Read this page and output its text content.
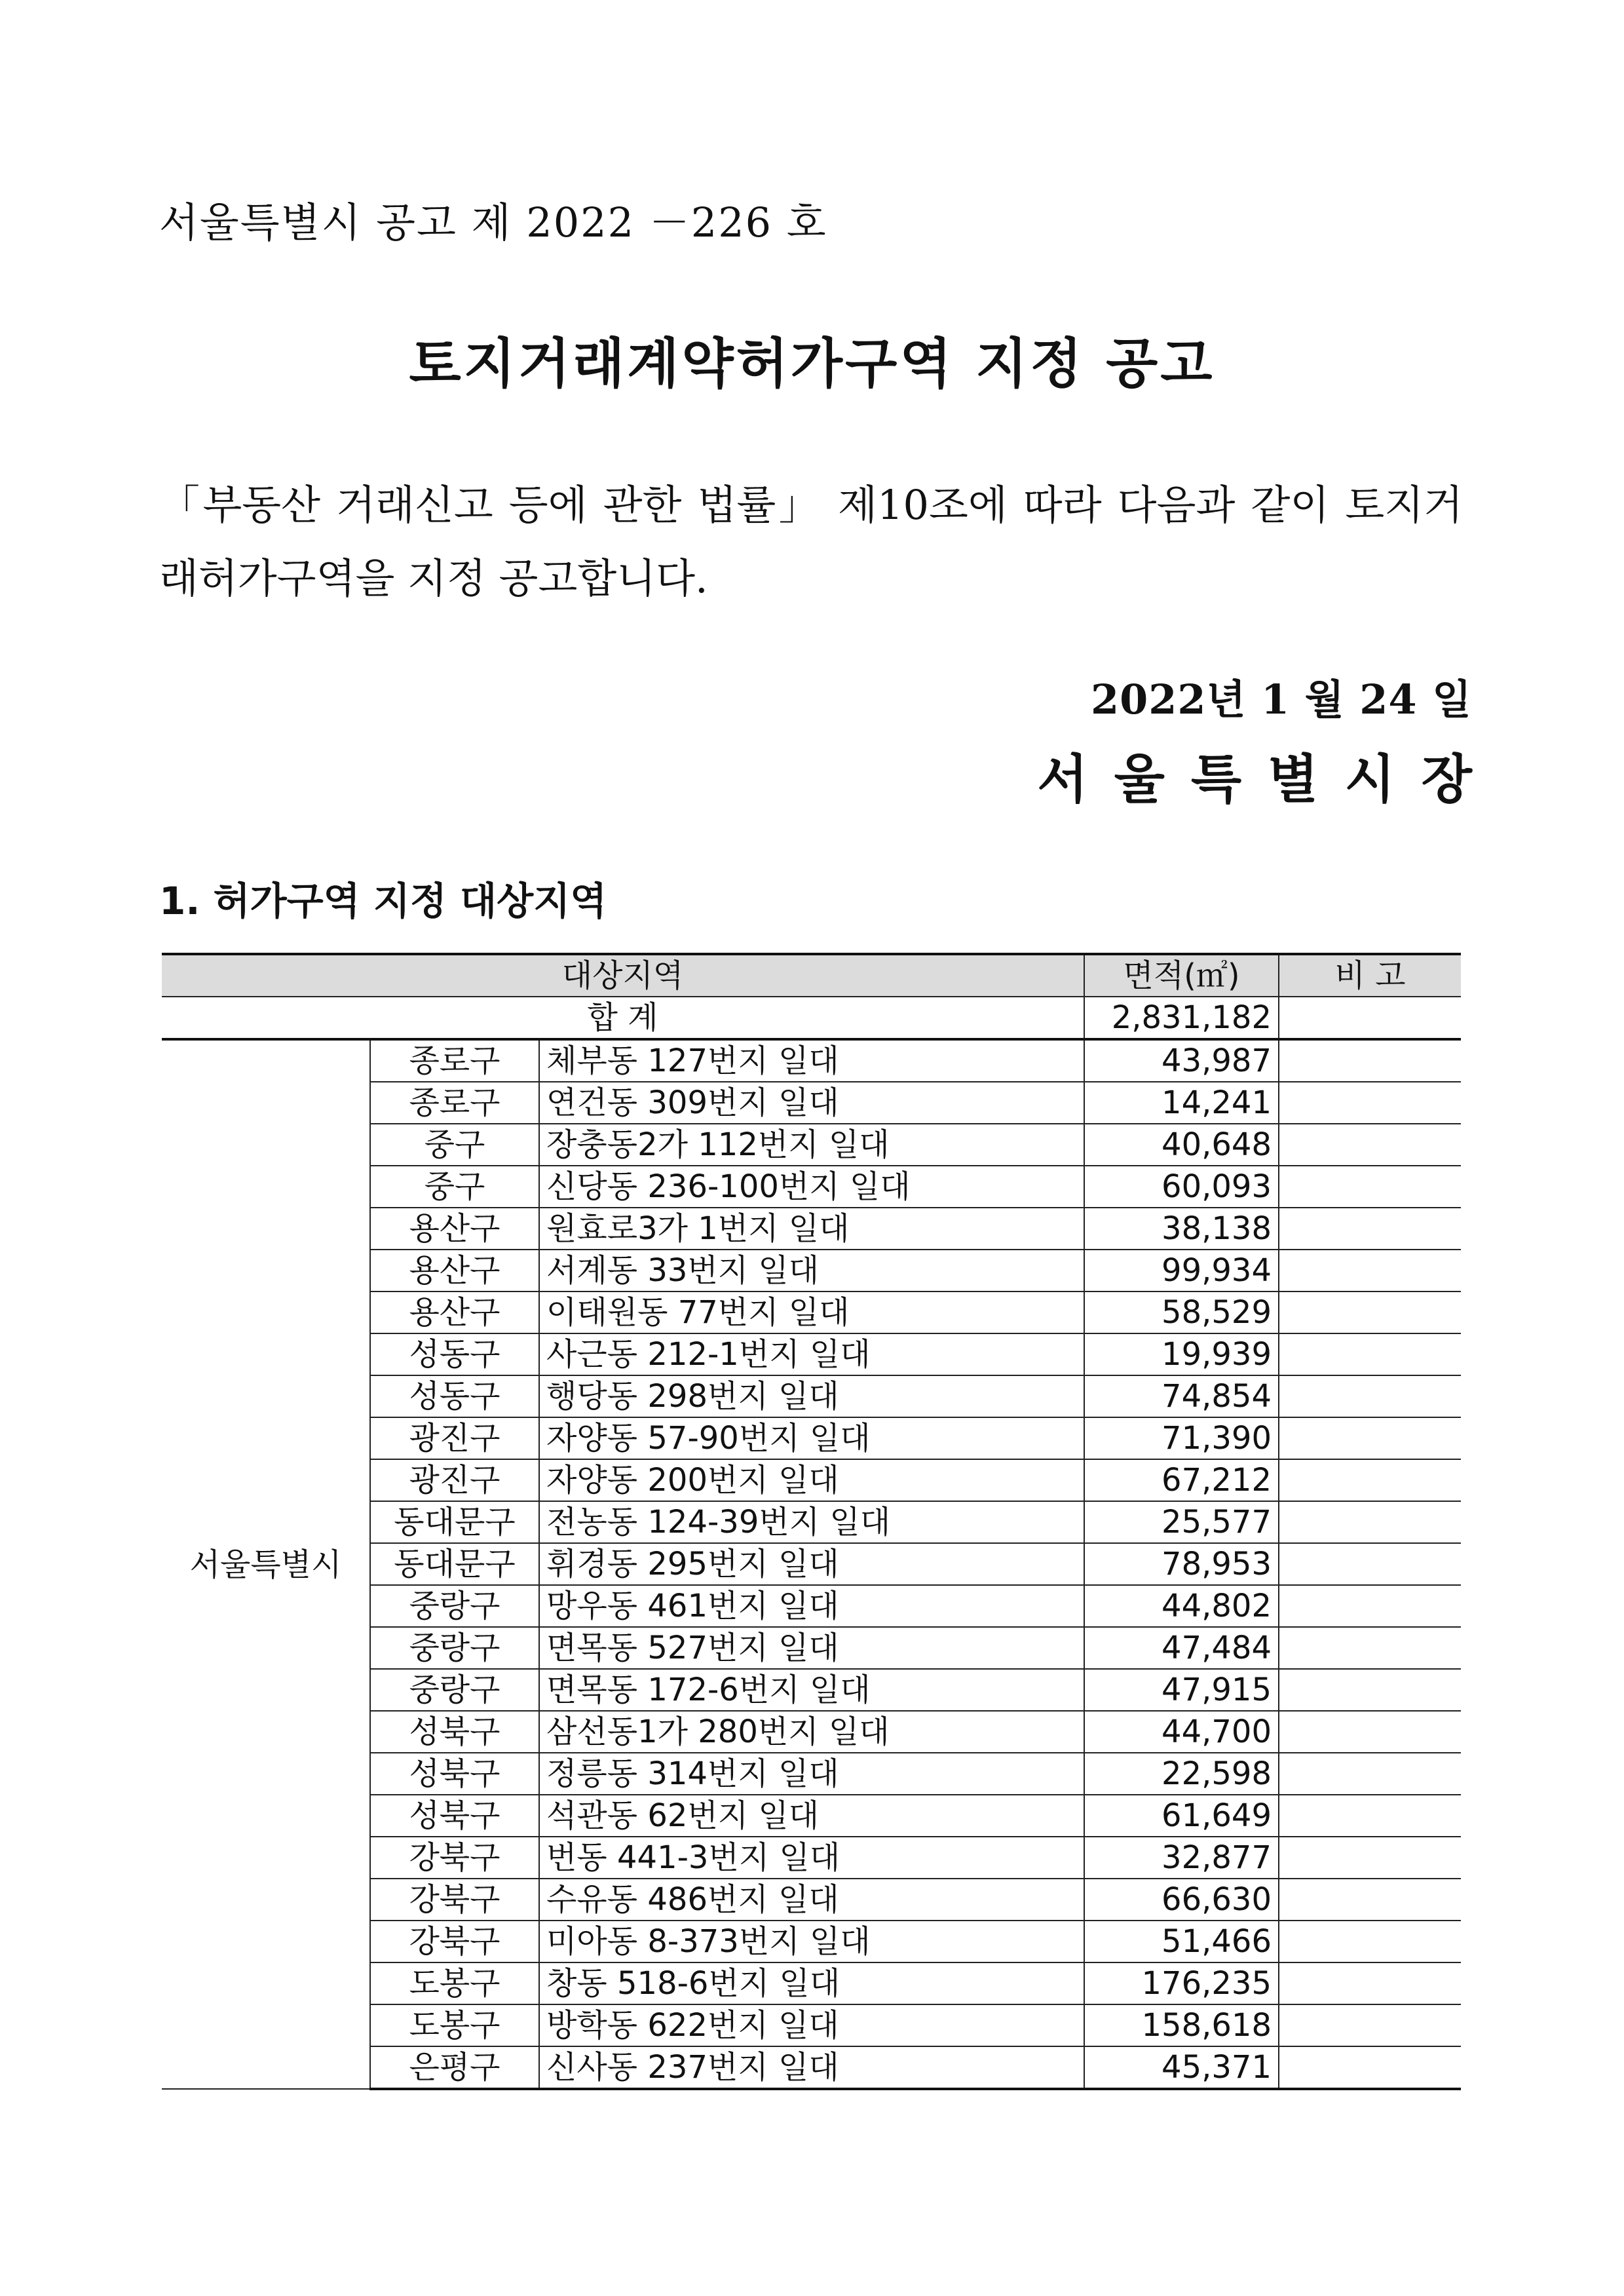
서울특별시 공고 제 2022 －226 호
토지거래계약허가구역 지정 공고
「부동산 거래신고 등에 관한 법률」 제10조에 따라 다음과 같이 토지거래허가구역을 지정 공고합니다.
2022년 1 월 24 일
서울특별시장
1. 허가구역 지정 대상지역
대상지역			면적(㎡)	비 고
합 계			2,831,182	
서울특별시	종로구	체부동 127번지 일대	43,987	
	종로구	연건동 309번지 일대	14,241	
	중구	장충동2가 112번지 일대	40,648	
	중구	신당동 236-100번지 일대	60,093	
	용산구	원효로3가 1번지 일대	38,138	
	용산구	서계동 33번지 일대	99,934	
	용산구	이태원동 77번지 일대	58,529	
	성동구	사근동 212-1번지 일대	19,939	
	성동구	행당동 298번지 일대	74,854	
	광진구	자양동 57-90번지 일대	71,390	
	광진구	자양동 200번지 일대	67,212	
	동대문구	전농동 124-39번지 일대	25,577	
	동대문구	휘경동 295번지 일대	78,953	
	중랑구	망우동 461번지 일대	44,802	
	중랑구	면목동 527번지 일대	47,484	
	중랑구	면목동 172-6번지 일대	47,915	
	성북구	삼선동1가 280번지 일대	44,700	
	성북구	정릉동 314번지 일대	22,598	
	성북구	석관동 62번지 일대	61,649	
	강북구	번동 441-3번지 일대	32,877	
	강북구	수유동 486번지 일대	66,630	
	강북구	미아동 8-373번지 일대	51,466	
	도봉구	창동 518-6번지 일대	176,235	
	도봉구	방학동 622번지 일대	158,618	
	은평구	신사동 237번지 일대	45,371	
